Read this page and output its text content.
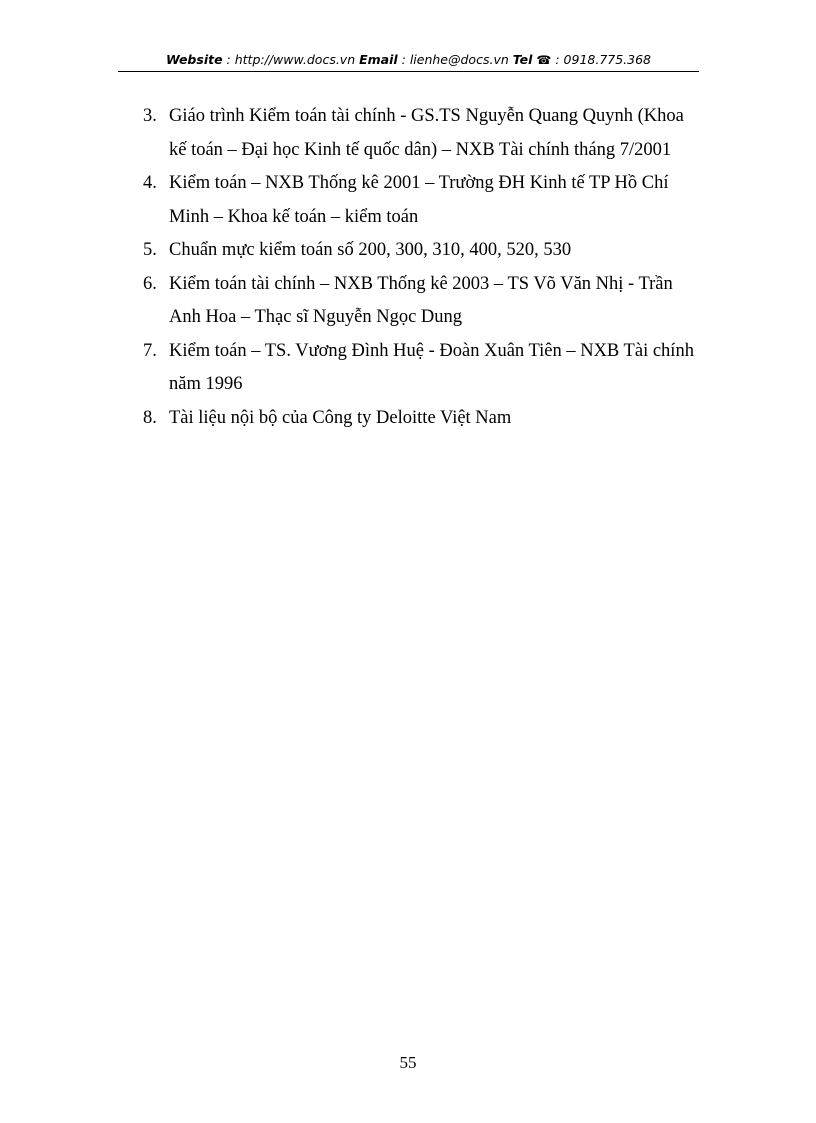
Website : http://www.docs.vn Email : lienhe@docs.vn Tel ☎ : 0918.775.368
3. Giáo trình Kiểm toán tài chính - GS.TS Nguyễn Quang Quynh (Khoa kế toán – Đại học Kinh tế quốc dân) – NXB Tài chính tháng 7/2001
4. Kiểm toán – NXB Thống kê 2001 – Trường ĐH Kinh tế TP Hồ Chí Minh – Khoa kế toán – kiểm toán
5. Chuẩn mực kiểm toán số 200, 300, 310, 400, 520, 530
6. Kiểm toán tài chính – NXB Thống kê 2003 – TS Võ Văn Nhị - Trần Anh Hoa – Thạc sĩ Nguyễn Ngọc Dung
7. Kiểm toán – TS. Vương Đình Huệ - Đoàn Xuân Tiên – NXB Tài chính năm 1996
8. Tài liệu nội bộ của Công ty Deloitte Việt Nam
55
